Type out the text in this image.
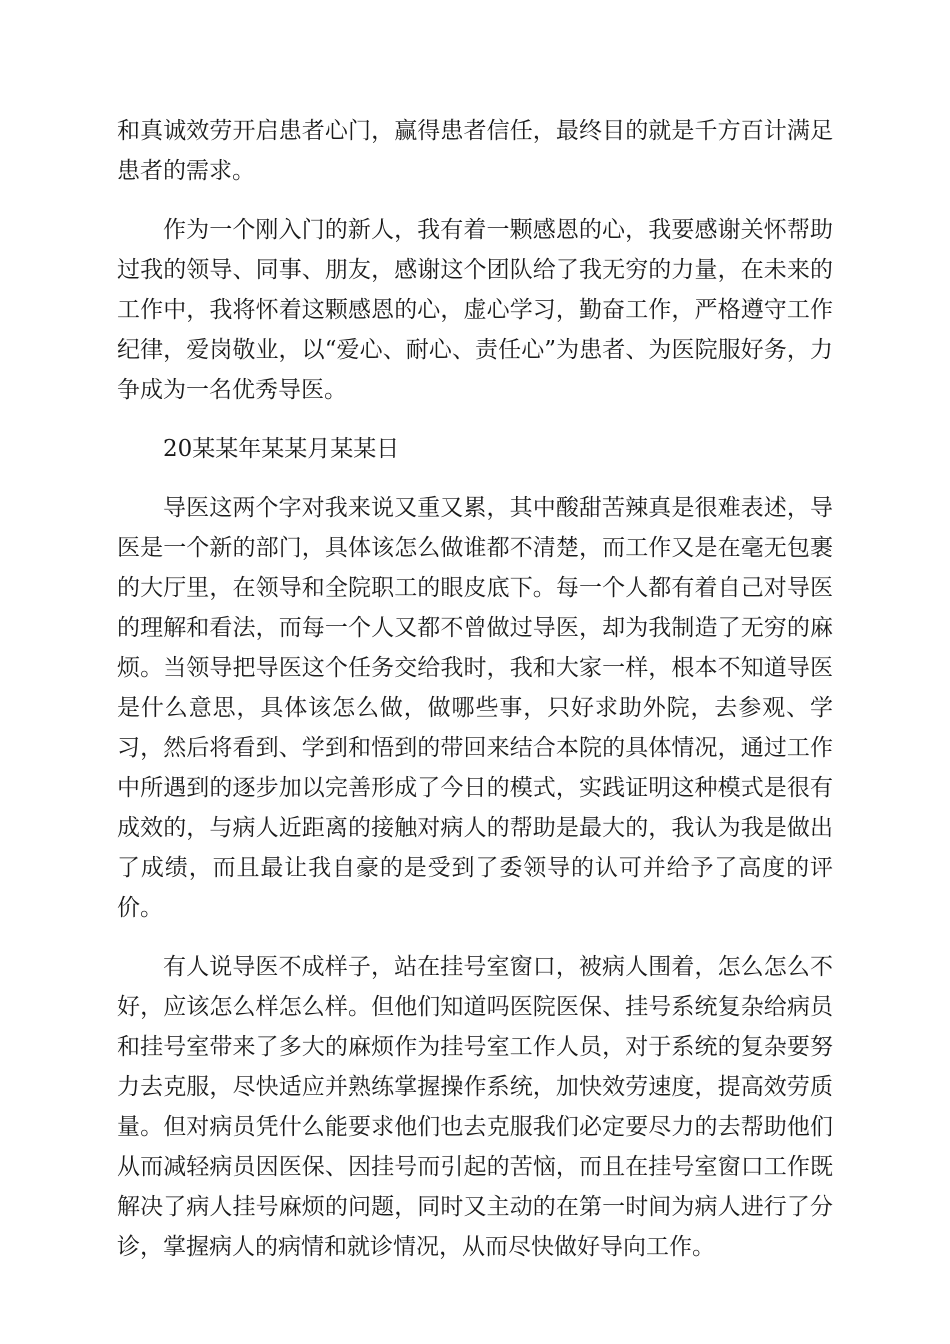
和真诚效劳开启患者心门，赢得患者信任，最终目的就是千方百计满足患者的需求。

作为一个刚入门的新人，我有着一颗感恩的心，我要感谢关怀帮助过我的领导、同事、朋友，感谢这个团队给了我无穷的力量，在未来的工作中，我将怀着这颗感恩的心，虚心学习，勤奋工作，严格遵守工作纪律，爱岗敬业，以“爱心、耐心、责任心”为患者、为医院服好务，力争成为一名优秀导医。

20某某年某某月某某日

导医这两个字对我来说又重又累，其中酸甜苦辣真是很难表述，导医是一个新的部门，具体该怎么做谁都不清楚，而工作又是在毫无包裹的大厅里，在领导和全院职工的眼皮底下。每一个人都有着自己对导医的理解和看法，而每一个人又都不曾做过导医，却为我制造了无穷的麻烦。当领导把导医这个任务交给我时，我和大家一样，根本不知道导医是什么意思，具体该怎么做，做哪些事，只好求助外院，去参观、学习，然后将看到、学到和悟到的带回来结合本院的具体情况，通过工作中所遇到的逐步加以完善形成了今日的模式，实践证明这种模式是很有成效的，与病人近距离的接触对病人的帮助是最大的，我认为我是做出了成绩，而且最让我自豪的是受到了委领导的认可并给予了高度的评价。

有人说导医不成样子，站在挂号室窗口，被病人围着，怎么怎么不好，应该怎么样怎么样。但他们知道吗医院医保、挂号系统复杂给病员和挂号室带来了多大的麻烦作为挂号室工作人员，对于系统的复杂要努力去克服，尽快适应并熟练掌握操作系统，加快效劳速度，提高效劳质量。但对病员凭什么能要求他们也去克服我们必定要尽力的去帮助他们从而减轻病员因医保、因挂号而引起的苦恼，而且在挂号室窗口工作既解决了病人挂号麻烦的问题，同时又主动的在第一时间为病人进行了分诊，掌握病人的病情和就诊情况，从而尽快做好导向工作。
